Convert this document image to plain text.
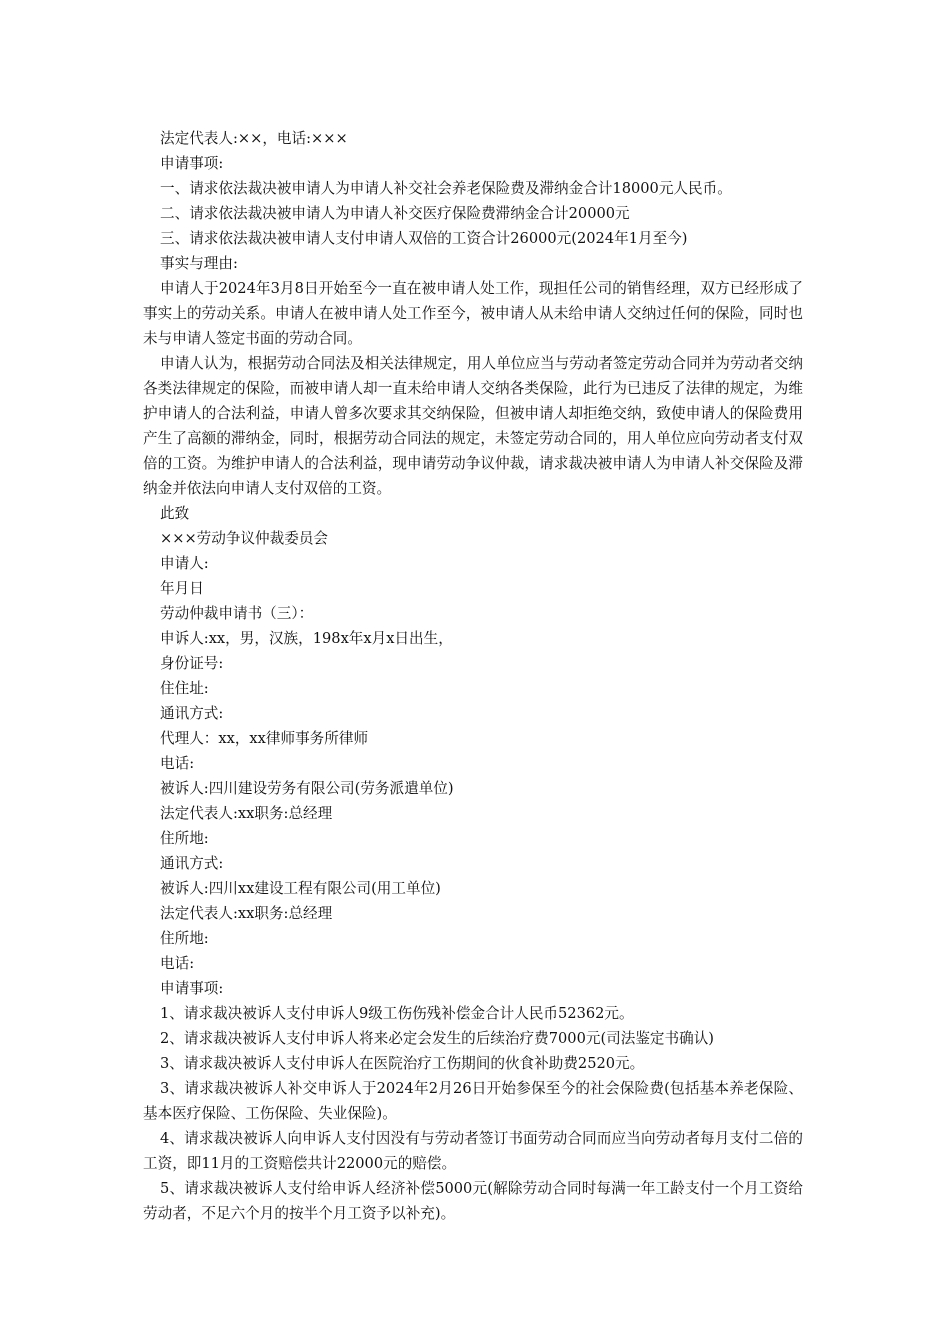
法定代表人:××，电话:×××

申请事项:

一、请求依法裁决被申请人为申请人补交社会养老保险费及滞纳金合计18000元人民币。

二、请求依法裁决被申请人为申请人补交医疗保险费滞纳金合计20000元

三、请求依法裁决被申请人支付申请人双倍的工资合计26000元(2024年1月至今)

事实与理由:

申请人于2024年3月8日开始至今一直在被申请人处工作，现担任公司的销售经理，双方已经形成了事实上的劳动关系。申请人在被申请人处工作至今，被申请人从未给申请人交纳过任何的保险，同时也未与申请人签定书面的劳动合同。

申请人认为，根据劳动合同法及相关法律规定，用人单位应当与劳动者签定劳动合同并为劳动者交纳各类法律规定的保险，而被申请人却一直未给申请人交纳各类保险，此行为已违反了法律的规定，为维护申请人的合法利益，申请人曾多次要求其交纳保险，但被申请人却拒绝交纳，致使申请人的保险费用产生了高额的滞纳金，同时，根据劳动合同法的规定，未签定劳动合同的，用人单位应向劳动者支付双倍的工资。为维护申请人的合法利益，现申请劳动争议仲裁，请求裁决被申请人为申请人补交保险及滞纳金并依法向申请人支付双倍的工资。

此致

×××劳动争议仲裁委员会

申请人:

年月日

劳动仲裁申请书（三）：

申诉人:xx，男，汉族，198x年x月x日出生，

身份证号:

住住址:

通讯方式:

代理人：xx，xx律师事务所律师

电话:

被诉人:四川建设劳务有限公司(劳务派遣单位)

法定代表人:xx职务:总经理

住所地:

通讯方式:

被诉人:四川xx建设工程有限公司(用工单位)

法定代表人:xx职务:总经理

住所地:

电话:

申请事项:

1、请求裁决被诉人支付申诉人9级工伤伤残补偿金合计人民币52362元。

2、请求裁决被诉人支付申诉人将来必定会发生的后续治疗费7000元(司法鉴定书确认)

3、请求裁决被诉人支付申诉人在医院治疗工伤期间的伙食补助费2520元。

3、请求裁决被诉人补交申诉人于2024年2月26日开始参保至今的社会保险费(包括基本养老保险、基本医疗保险、工伤保险、失业保险)。

4、请求裁决被诉人向申诉人支付因没有与劳动者签订书面劳动合同而应当向劳动者每月支付二倍的工资，即11月的工资赔偿共计22000元的赔偿。

5、请求裁决被诉人支付给申诉人经济补偿5000元(解除劳动合同时每满一年工龄支付一个月工资给劳动者，不足六个月的按半个月工资予以补充)。
